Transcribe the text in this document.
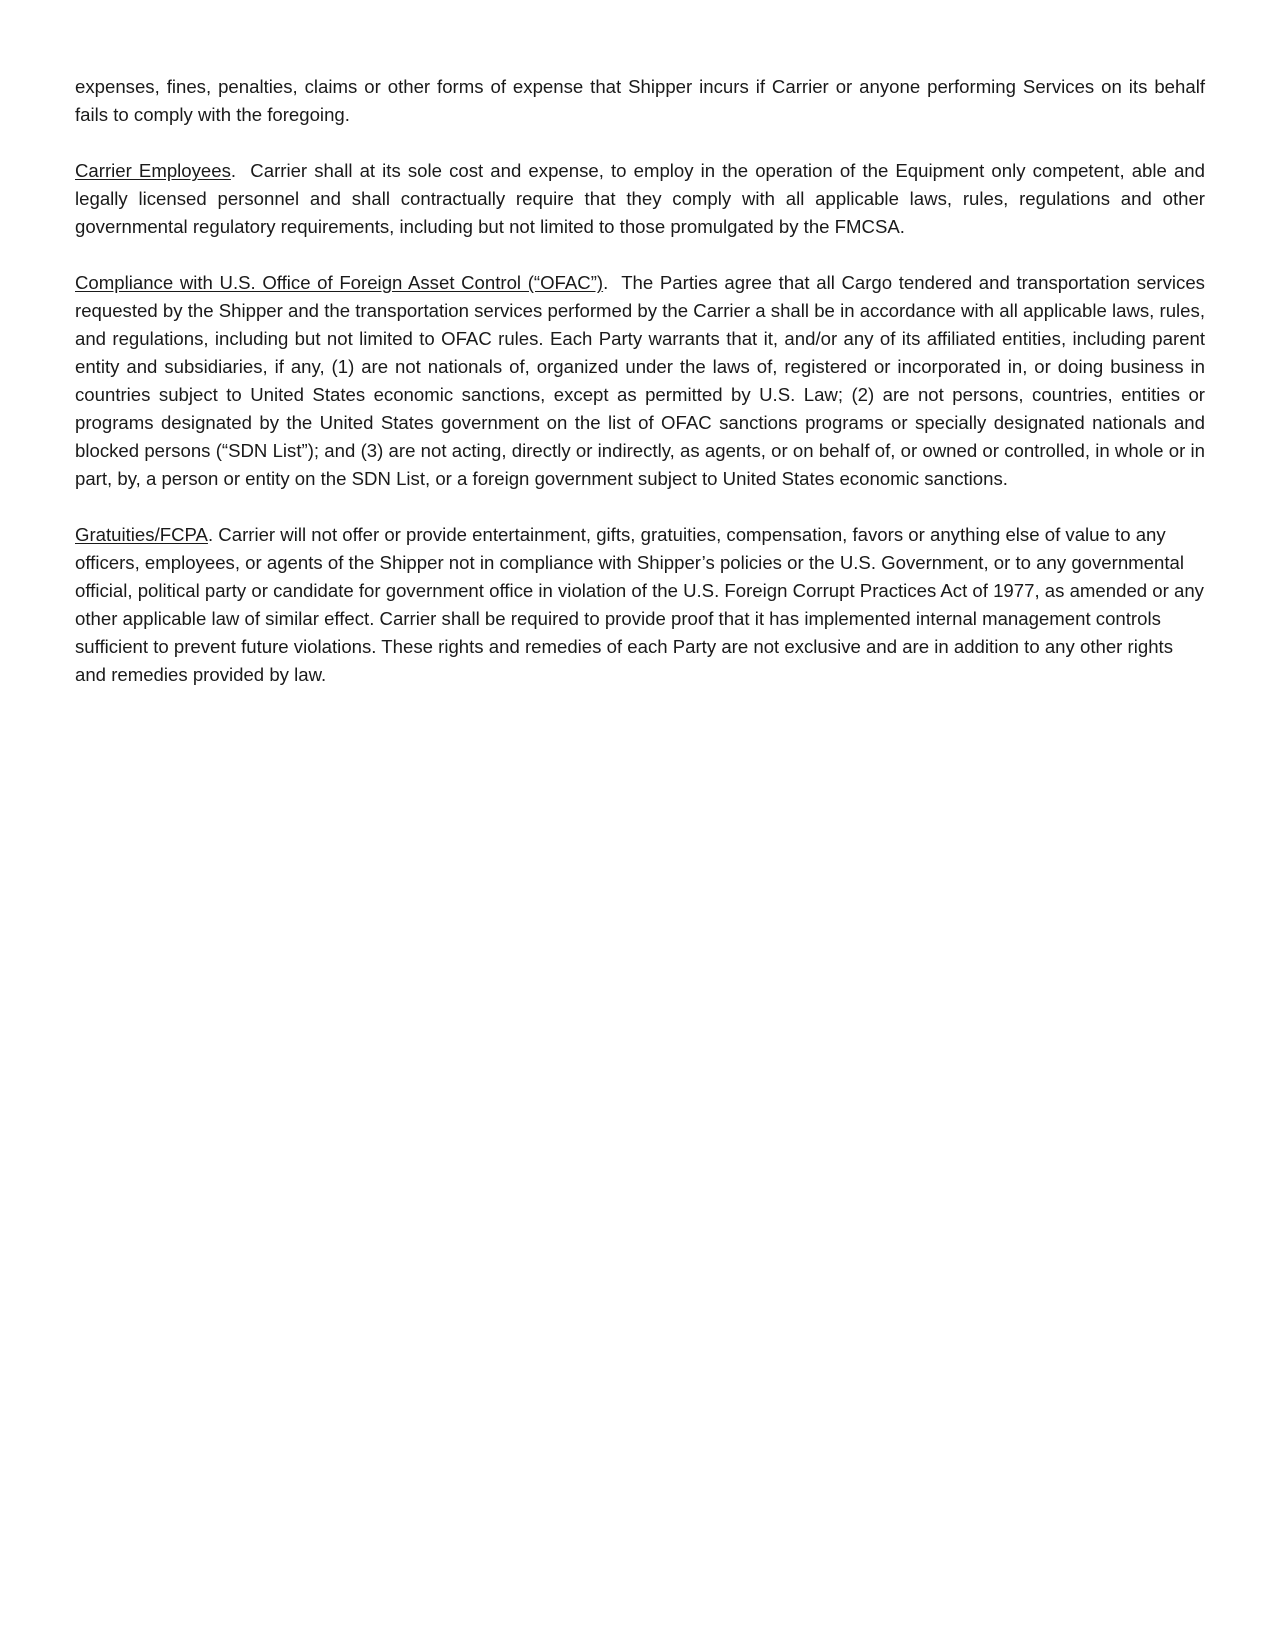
expenses, fines, penalties, claims or other forms of expense that Shipper incurs if Carrier or anyone performing Services on its behalf fails to comply with the foregoing.

Carrier Employees.  Carrier shall at its sole cost and expense, to employ in the operation of the Equipment only competent, able and legally licensed personnel and shall contractually require that they comply with all applicable laws, rules, regulations and other governmental regulatory requirements, including but not limited to those promulgated by the FMCSA.

Compliance with U.S. Office of Foreign Asset Control (“OFAC”).  The Parties agree that all Cargo tendered and transportation services requested by the Shipper and the transportation services performed by the Carrier a shall be in accordance with all applicable laws, rules, and regulations, including but not limited to OFAC rules. Each Party warrants that it, and/or any of its affiliated entities, including parent entity and subsidiaries, if any, (1) are not nationals of, organized under the laws of, registered or incorporated in, or doing business in countries subject to United States economic sanctions, except as permitted by U.S. Law; (2) are not persons, countries, entities or programs designated by the United States government on the list of OFAC sanctions programs or specially designated nationals and blocked persons (“SDN List”); and (3) are not acting, directly or indirectly, as agents, or on behalf of, or owned or controlled, in whole or in part, by, a person or entity on the SDN List, or a foreign government subject to United States economic sanctions.

Gratuities/FCPA. Carrier will not offer or provide entertainment, gifts, gratuities, compensation, favors or anything else of value to any officers, employees, or agents of the Shipper not in compliance with Shipper’s policies or the U.S. Government, or to any governmental official, political party or candidate for government office in violation of the U.S. Foreign Corrupt Practices Act of 1977, as amended or any other applicable law of similar effect. Carrier shall be required to provide proof that it has implemented internal management controls sufficient to prevent future violations. These rights and remedies of each Party are not exclusive and are in addition to any other rights and remedies provided by law.
